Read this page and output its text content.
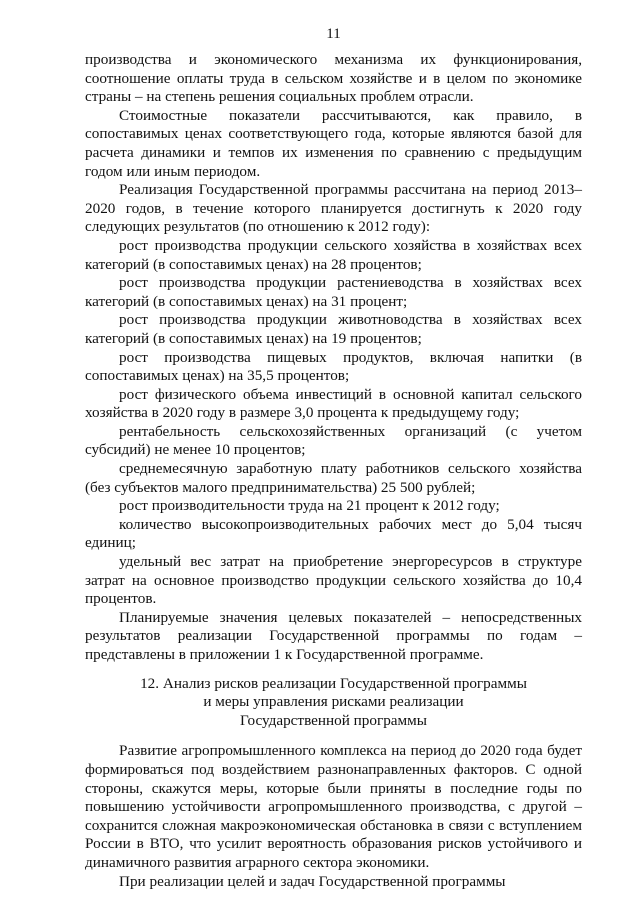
11

производства и экономического механизма их функционирования, соотношение оплаты труда в сельском хозяйстве и в целом по экономике страны – на степень решения социальных проблем отрасли.

Стоимостные показатели рассчитываются, как правило, в сопоставимых ценах соответствующего года, которые являются базой для расчета динамики и темпов их изменения по сравнению с предыдущим годом или иным периодом.

Реализация Государственной программы рассчитана на период 2013–2020 годов, в течение которого планируется достигнуть к 2020 году следующих результатов (по отношению к 2012 году):

рост производства продукции сельского хозяйства в хозяйствах всех категорий (в сопоставимых ценах) на 28 процентов;

рост производства продукции растениеводства в хозяйствах всех категорий (в сопоставимых ценах) на 31 процент;

рост производства продукции животноводства в хозяйствах всех категорий (в сопоставимых ценах) на 19 процентов;

рост производства пищевых продуктов, включая напитки (в сопоставимых ценах) на 35,5 процентов;

рост физического объема инвестиций в основной капитал сельского хозяйства в 2020 году в размере 3,0 процента к предыдущему году;

рентабельность сельскохозяйственных организаций (с учетом субсидий) не менее 10 процентов;

среднемесячную заработную плату работников сельского хозяйства (без субъектов малого предпринимательства) 25 500 рублей;

рост производительности труда на 21 процент к 2012 году;

количество высокопроизводительных рабочих мест до 5,04 тысяч единиц;

удельный вес затрат на приобретение энергоресурсов в структуре затрат на основное производство продукции сельского хозяйства до 10,4 процентов.

Планируемые значения целевых показателей – непосредственных результатов реализации Государственной программы по годам – представлены в приложении 1 к Государственной программе.

12. Анализ рисков реализации Государственной программы
и меры управления рисками реализации
Государственной программы

Развитие агропромышленного комплекса на период до 2020 года будет формироваться под воздействием разнонаправленных факторов. С одной стороны, скажутся меры, которые были приняты в последние годы по повышению устойчивости агропромышленного производства, с другой – сохранится сложная макроэкономическая обстановка в связи с вступлением России в ВТО, что усилит вероятность образования рисков устойчивого и динамичного развития аграрного сектора экономики.

При реализации целей и задач Государственной программы
